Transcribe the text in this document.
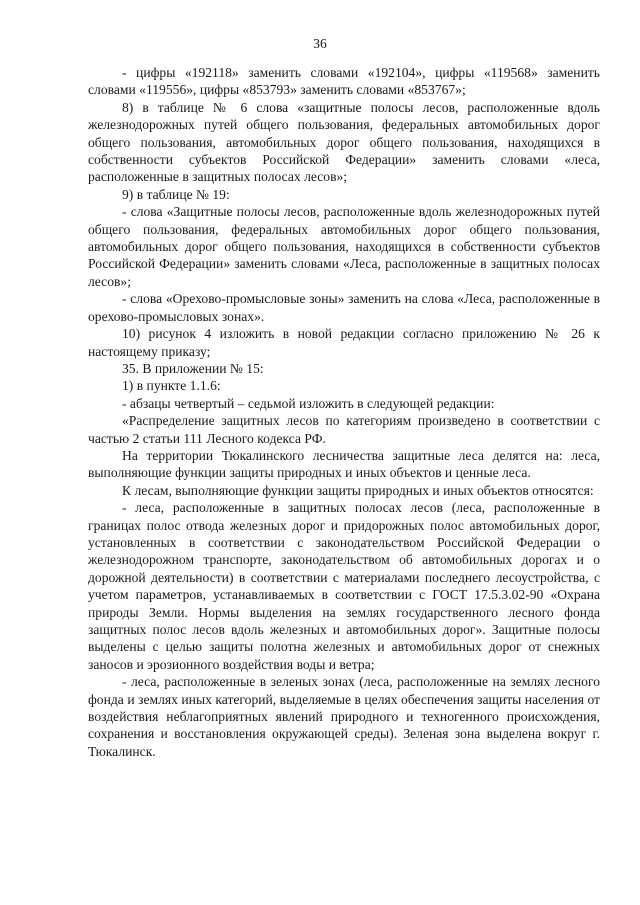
36

- цифры «192118» заменить словами «192104», цифры «119568» заменить словами «119556», цифры «853793» заменить словами «853767»;

8) в таблице № 6 слова «защитные полосы лесов, расположенные вдоль железнодорожных путей общего пользования, федеральных автомобильных дорог общего пользования, автомобильных дорог общего пользования, находящихся в собственности субъектов Российской Федерации» заменить словами «леса, расположенные в защитных полосах лесов»;

9) в таблице № 19:

- слова «Защитные полосы лесов, расположенные вдоль железнодорожных путей общего пользования, федеральных автомобильных дорог общего пользования, автомобильных дорог общего пользования, находящихся в собственности субъектов Российской Федерации» заменить словами «Леса, расположенные в защитных полосах лесов»;

- слова «Орехово-промысловые зоны» заменить на слова «Леса, расположенные в орехово-промысловых зонах».

10) рисунок 4 изложить в новой редакции согласно приложению № 26 к настоящему приказу;

35. В приложении № 15:

1) в пункте 1.1.6:

- абзацы четвертый – седьмой изложить в следующей редакции:

«Распределение защитных лесов по категориям произведено в соответствии с частью 2 статьи 111 Лесного кодекса РФ.

На территории Тюкалинского лесничества защитные леса делятся на: леса, выполняющие функции защиты природных и иных объектов и ценные леса.

К лесам, выполняющие функции защиты природных и иных объектов относятся:

- леса, расположенные в защитных полосах лесов (леса, расположенные в границах полос отвода железных дорог и придорожных полос автомобильных дорог, установленных в соответствии с законодательством Российской Федерации о железнодорожном транспорте, законодательством об автомобильных дорогах и о дорожной деятельности) в соответствии с материалами последнего лесоустройства, с учетом параметров, устанавливаемых в соответствии с ГОСТ 17.5.3.02-90 «Охрана природы Земли. Нормы выделения на землях государственного лесного фонда защитных полос лесов вдоль железных и автомобильных дорог». Защитные полосы выделены с целью защиты полотна железных и автомобильных дорог от снежных заносов и эрозионного воздействия воды и ветра;

- леса, расположенные в зеленых зонах (леса, расположенные на землях лесного фонда и землях иных категорий, выделяемые в целях обеспечения защиты населения от воздействия неблагоприятных явлений природного и техногенного происхождения, сохранения и восстановления окружающей среды). Зеленая зона выделена вокруг г. Тюкалинск.
